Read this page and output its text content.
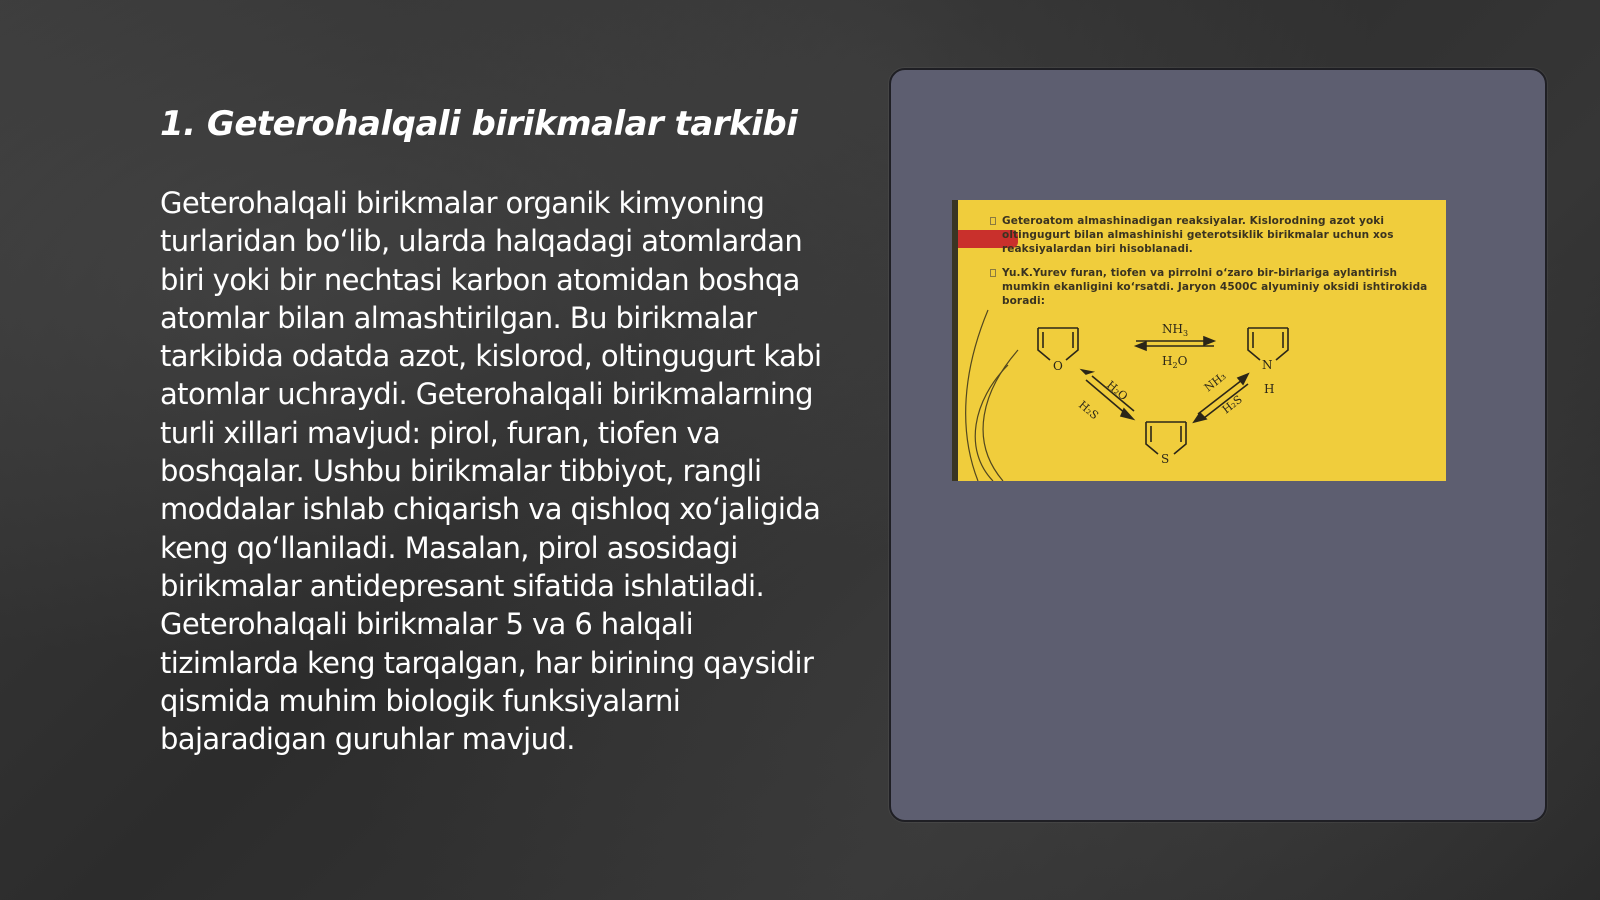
1. Geterohalqali birikmalar tarkibi

Geterohalqali birikmalar organik kimyoning turlaridan bo‘lib, ularda halqadagi atomlardan biri yoki bir nechtasi karbon atomidan boshqa atomlar bilan almashtirilgan. Bu birikmalar tarkibida odatda azot, kislorod, oltingugurt kabi atomlar uchraydi. Geterohalqali birikmalarning turli xillari mavjud: pirol, furan, tiofen va boshqalar. Ushbu birikmalar tibbiyot, rangli moddalar ishlab chiqarish va qishloq xo‘jaligida keng qo‘llaniladi. Masalan, pirol asosidagi birikmalar antidepresant sifatida ishlatiladi. Geterohalqali birikmalar 5 va 6 halqali tizimlarda keng tarqalgan, har birining qaysidir qismida muhim biologik funksiyalarni bajaradigan guruhlar mavjud.

Geteroatom almashinadigan reaksiyalar. Kislorodning azot yoki oltingugurt bilan almashinishi geterotsiklik birikmalar uchun xos reaksiyalardan biri hisoblanadi.

Yu.K.Yurev furan, tiofen va pirrolni o‘zaro bir-birlariga aylantirish mumkin ekanligini ko‘rsatdi. Jaryon 4500C alyuminiy oksidi ishtirokida boradi:

O	N
H
S
$NH_3$
$H_2O$
H₂O
H₂S
NH₃
H₂S
